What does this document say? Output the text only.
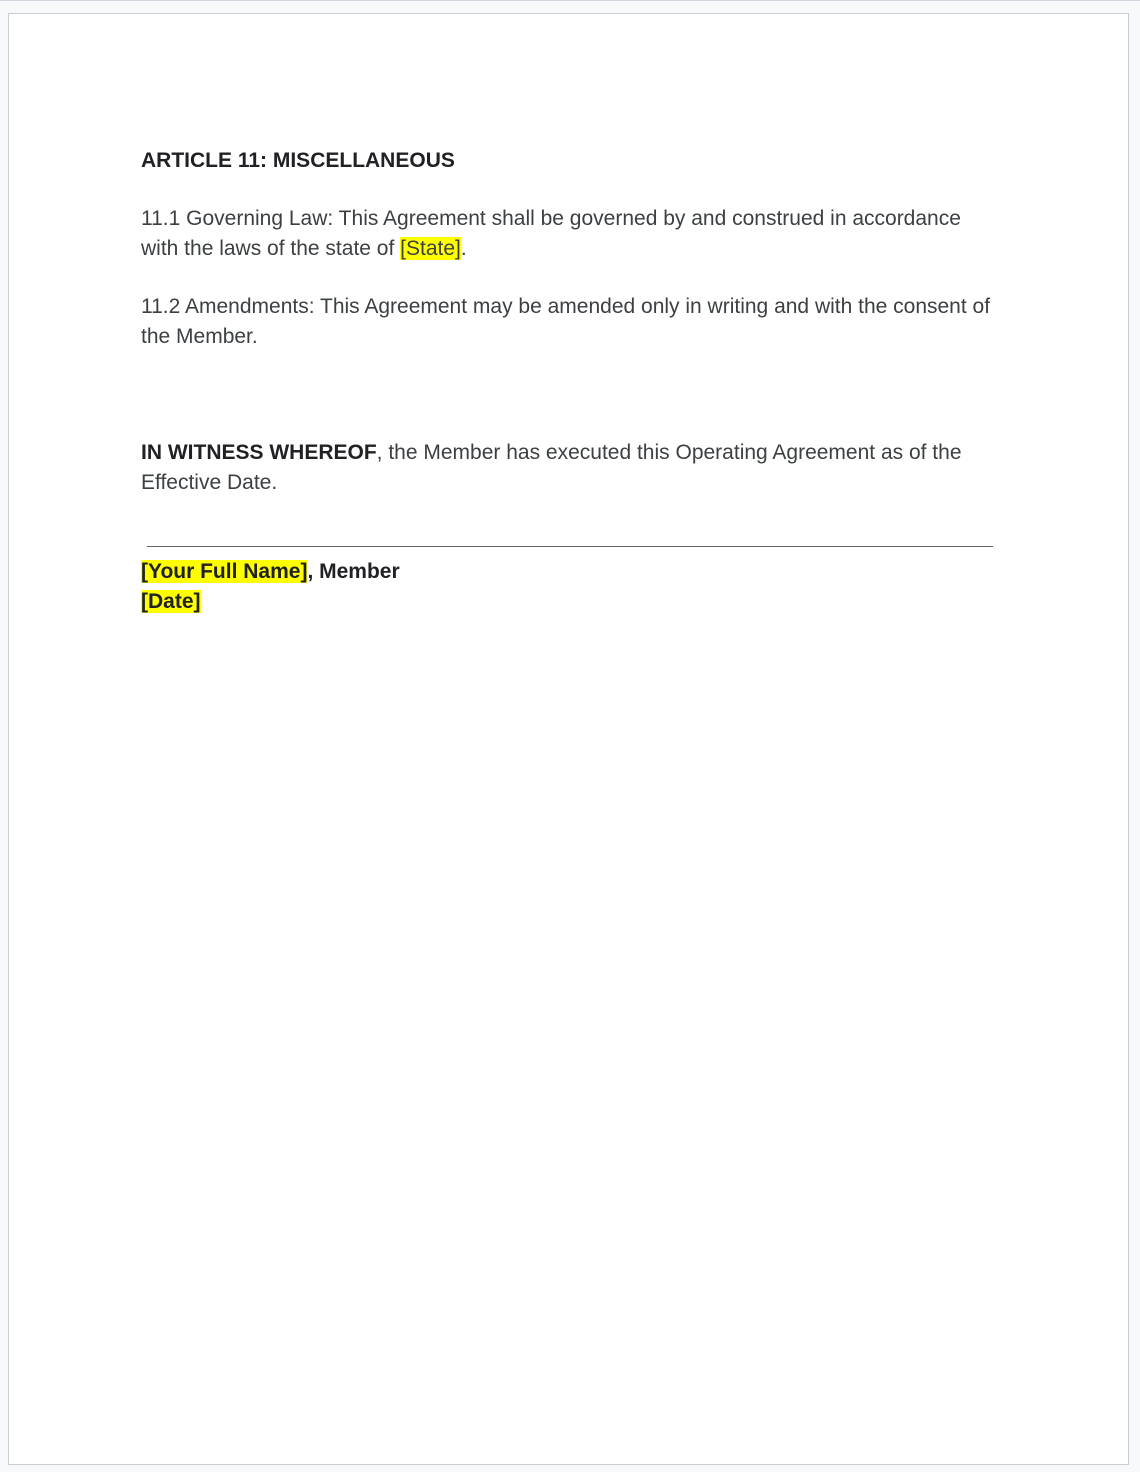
ARTICLE 11: MISCELLANEOUS
11.1 Governing Law: This Agreement shall be governed by and construed in accordance with the laws of the state of [State].
11.2 Amendments: This Agreement may be amended only in writing and with the consent of the Member.
IN WITNESS WHEREOF, the Member has executed this Operating Agreement as of the Effective Date.
[Your Full Name], Member
[Date]
